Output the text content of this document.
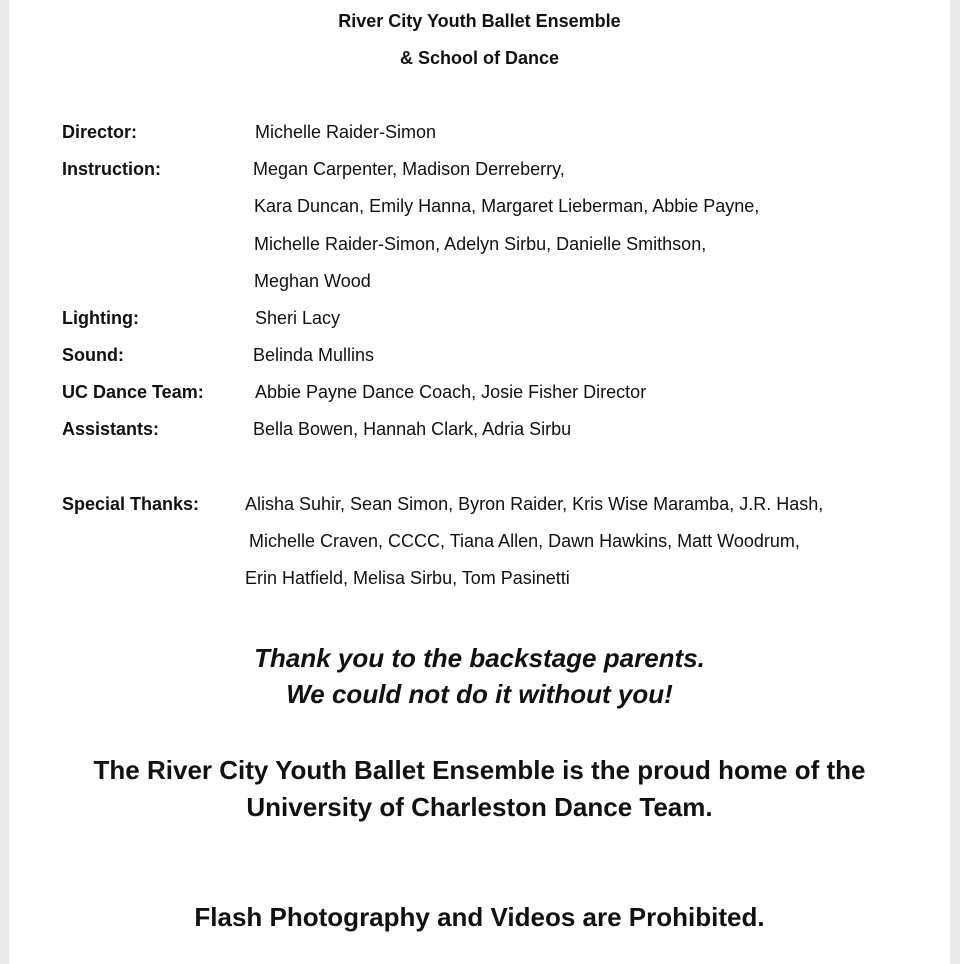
River City Youth Ballet Ensemble
& School of Dance
Director:	Michelle Raider-Simon
Instruction:	Megan Carpenter, Madison Derreberry,
Kara Duncan, Emily Hanna, Margaret Lieberman, Abbie Payne,
Michelle Raider-Simon, Adelyn Sirbu, Danielle Smithson,
Meghan Wood
Lighting:	Sheri Lacy
Sound:	Belinda Mullins
UC Dance Team:	Abbie Payne Dance Coach, Josie Fisher Director
Assistants:	Bella Bowen, Hannah Clark, Adria Sirbu
Special Thanks:	Alisha Suhir, Sean Simon, Byron Raider, Kris Wise Maramba, J.R. Hash,
Michelle Craven, CCCC, Tiana Allen, Dawn Hawkins, Matt Woodrum,
Erin Hatfield, Melisa Sirbu, Tom Pasinetti
Thank you to the backstage parents.
We could not do it without you!
The River City Youth Ballet Ensemble is the proud home of the
University of Charleston Dance Team.
Flash Photography and Videos are Prohibited.
